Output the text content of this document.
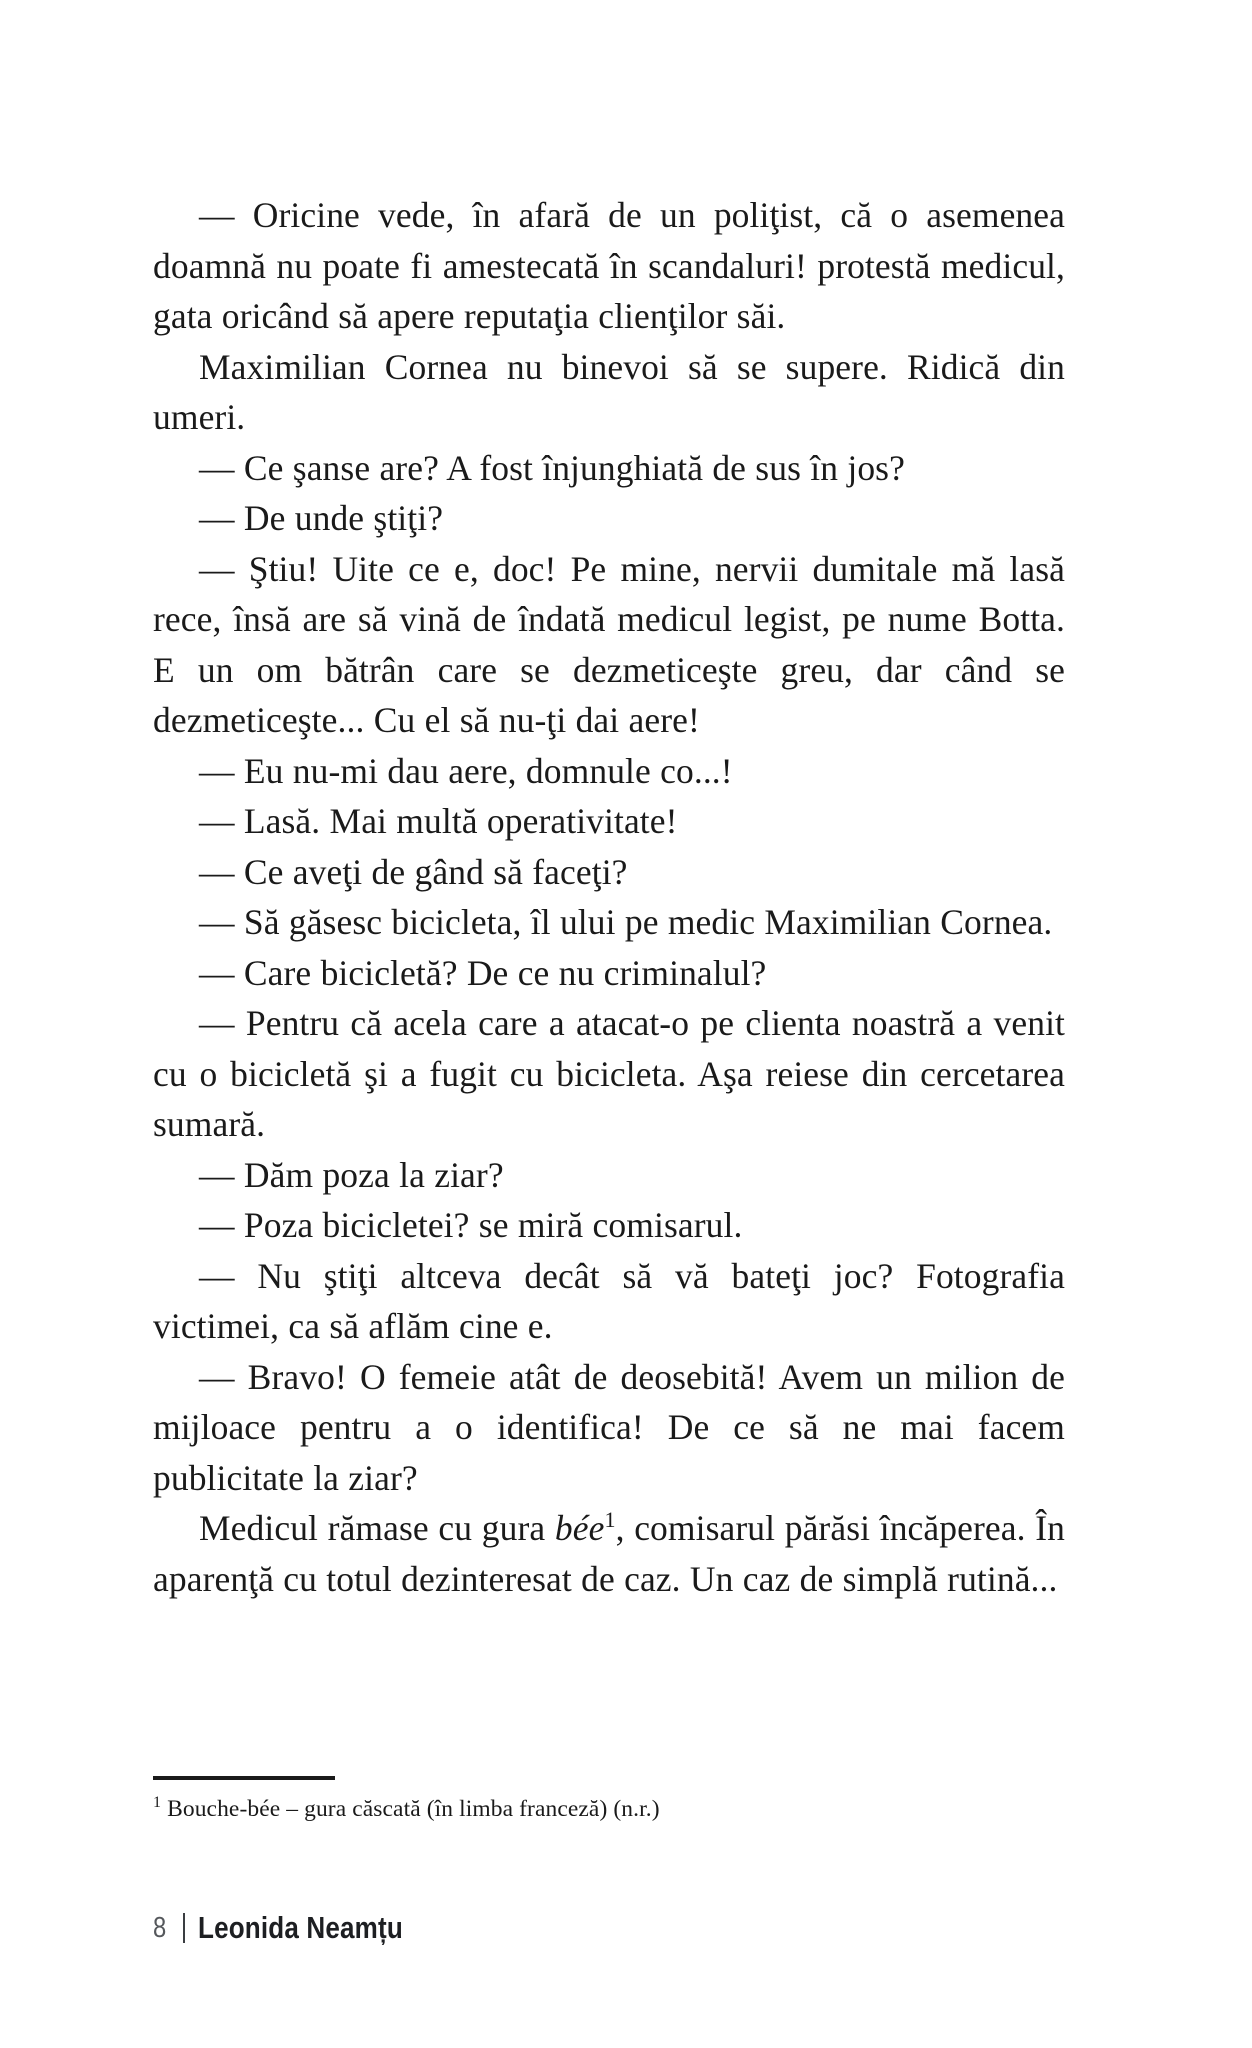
— Oricine vede, în afară de un poliţist, că o asemenea doamnă nu poate fi amestecată în scandaluri! protestă medicul, gata oricând să apere reputaţia clienţilor săi.

Maximilian Cornea nu binevoi să se supere. Ridică din umeri.

— Ce şanse are? A fost înjunghiată de sus în jos?

— De unde ştiţi?

— Ştiu! Uite ce e, doc! Pe mine, nervii dumitale mă lasă rece, însă are să vină de îndată medicul legist, pe nume Botta. E un om bătrân care se dezmeticeşte greu, dar când se dezmeticeşte... Cu el să nu-ţi dai aere!

— Eu nu-mi dau aere, domnule co...!

— Lasă. Mai multă operativitate!

— Ce aveţi de gând să faceţi?

— Să găsesc bicicleta, îl ului pe medic Maximilian Cornea.

— Care bicicletă? De ce nu criminalul?

— Pentru că acela care a atacat-o pe clienta noastră a venit cu o bicicletă şi a fugit cu bicicleta. Aşa reiese din cercetarea sumară.

— Dăm poza la ziar?

— Poza bicicletei? se miră comisarul.

— Nu ştiţi altceva decât să vă bateţi joc? Fotografia victimei, ca să aflăm cine e.

— Bravo! O femeie atât de deosebită! Avem un milion de mijloace pentru a o identifica! De ce să ne mai facem publicitate la ziar?

Medicul rămase cu gura bée$^1$, comisarul părăsi încăperea. În aparenţă cu totul dezinteresat de caz. Un caz de simplă rutină...

$^1$ Bouche-bée – gura căscată (în limba franceză) (n.r.)

8 Leonida Neamțu
